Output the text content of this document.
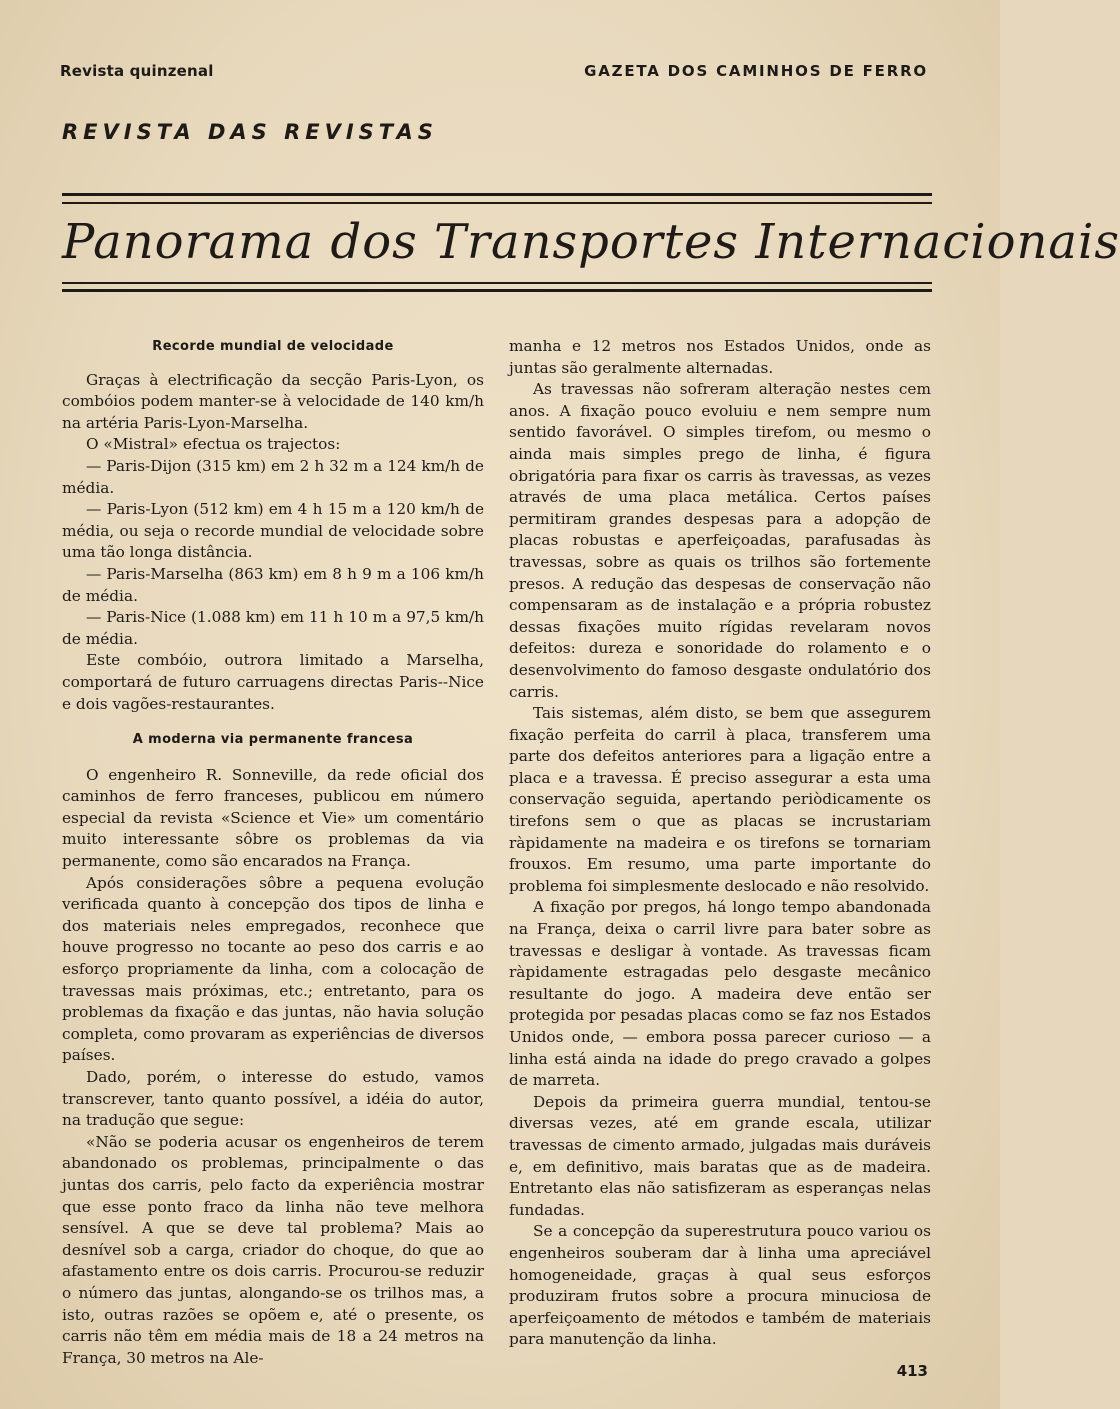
Revista quinzenal	GAZETA DOS CAMINHOS DE FERRO
REVISTA DAS REVISTAS
Panorama dos Transportes Internacionais
Recorde mundial de velocidade

Graças à electrificação da secção Paris-Lyon, os combóios podem manter-se à velocidade de 140 km/h na artéria Paris-Lyon-Marselha.

O «Mistral» efectua os trajectos:

— Paris-Dijon (315 km) em 2 h 32 m a 124 km/h de média.

— Paris-Lyon (512 km) em 4 h 15 m a 120 km/h de média, ou seja o recorde mundial de velocidade sobre uma tão longa distância.

— Paris-Marselha (863 km) em 8 h 9 m a 106 km/h de média.

— Paris-Nice (1.088 km) em 11 h 10 m a 97,5 km/h de média.

Este combóio, outrora limitado a Marselha, comportará de futuro carruagens directas Paris--Nice e dois vagões-restaurantes.

A moderna via permanente francesa

O engenheiro R. Sonneville, da rede oficial dos caminhos de ferro franceses, publicou em número especial da revista «Science et Vie» um comentário muito interessante sôbre os problemas da via permanente, como são encarados na França.

Após considerações sôbre a pequena evolução verificada quanto à concepção dos tipos de linha e dos materiais neles empregados, reconhece que houve progresso no tocante ao peso dos carris e ao esforço propriamente da linha, com a colocação de travessas mais próximas, etc.; entretanto, para os problemas da fixação e das juntas, não havia solução completa, como provaram as experiências de diversos países.

Dado, porém, o interesse do estudo, vamos transcrever, tanto quanto possível, a idéia do autor, na tradução que segue:

«Não se poderia acusar os engenheiros de terem abandonado os problemas, principalmente o das juntas dos carris, pelo facto da experiência mostrar que esse ponto fraco da linha não teve melhora sensível. A que se deve tal problema? Mais ao desnível sob a carga, criador do choque, do que ao afastamento entre os dois carris. Procurou-se reduzir o número das juntas, alongando-se os trilhos mas, a isto, outras razões se opõem e, até o presente, os carris não têm em média mais de 18 a 24 metros na França, 30 metros na Ale-

manha e 12 metros nos Estados Unidos, onde as juntas são geralmente alternadas.

As travessas não sofreram alteração nestes cem anos. A fixação pouco evoluiu e nem sempre num sentido favorável. O simples tirefom, ou mesmo o ainda mais simples prego de linha, é figura obrigatória para fixar os carris às travessas, as vezes através de uma placa metálica. Certos países permitiram grandes despesas para a adopção de placas robustas e aperfeiçoadas, parafusadas às travessas, sobre as quais os trilhos são fortemente presos. A redução das despesas de conservação não compensaram as de instalação e a própria robustez dessas fixações muito rígidas revelaram novos defeitos: dureza e sonoridade do rolamento e o desenvolvimento do famoso desgaste ondulatório dos carris.

Tais sistemas, além disto, se bem que assegurem fixação perfeita do carril à placa, transferem uma parte dos defeitos anteriores para a ligação entre a placa e a travessa. É preciso assegurar a esta uma conservação seguida, apertando periòdicamente os tirefons sem o que as placas se incrustariam ràpidamente na madeira e os tirefons se tornariam frouxos. Em resumo, uma parte importante do problema foi simplesmente deslocado e não resolvido.

A fixação por pregos, há longo tempo abandonada na França, deixa o carril livre para bater sobre as travessas e desligar à vontade. As travessas ficam ràpidamente estragadas pelo desgaste mecânico resultante do jogo. A madeira deve então ser protegida por pesadas placas como se faz nos Estados Unidos onde, — embora possa parecer curioso — a linha está ainda na idade do prego cravado a golpes de marreta.

Depois da primeira guerra mundial, tentou-se diversas vezes, até em grande escala, utilizar travessas de cimento armado, julgadas mais duráveis e, em definitivo, mais baratas que as de madeira. Entretanto elas não satisfizeram as esperanças nelas fundadas.

Se a concepção da superestrutura pouco variou os engenheiros souberam dar à linha uma apreciável homogeneidade, graças à qual seus esforços produziram frutos sobre a procura minuciosa de aperfeiçoamento de métodos e também de materiais para manutenção da linha.

413
